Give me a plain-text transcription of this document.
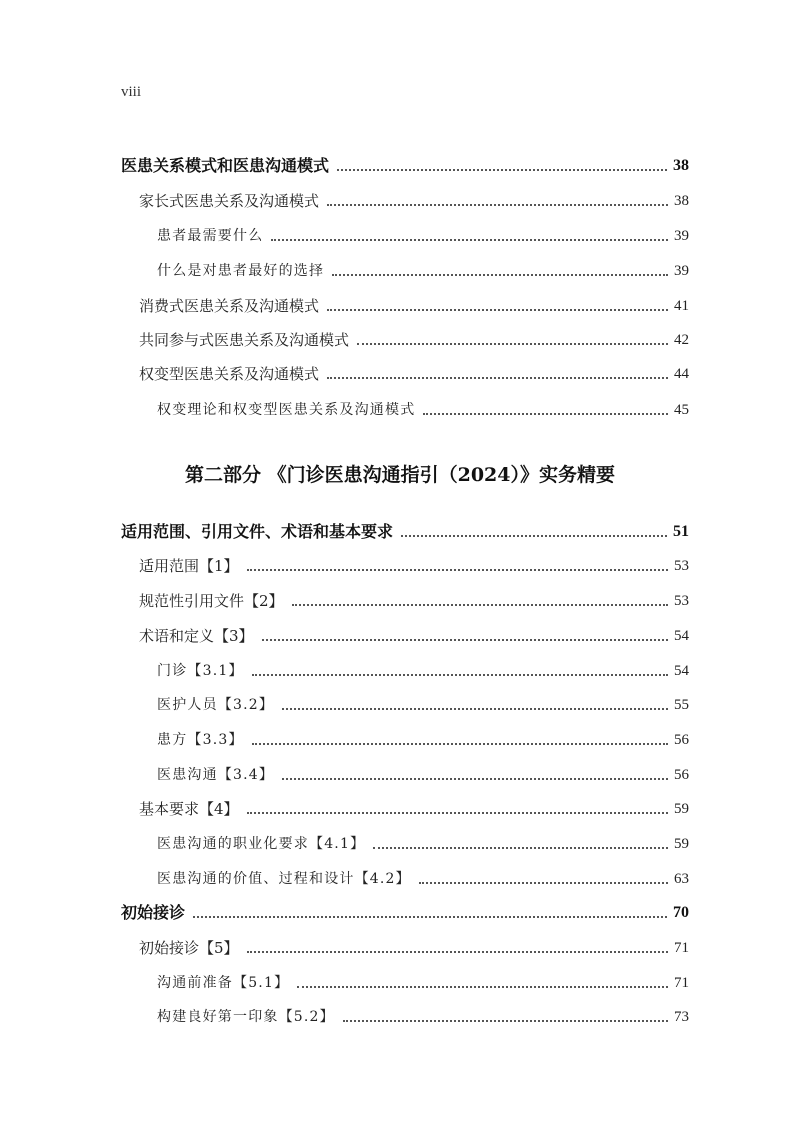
viii
医患关系模式和医患沟通模式	38
家长式医患关系及沟通模式	38
患者最需要什么	39
什么是对患者最好的选择	39
消费式医患关系及沟通模式	41
共同参与式医患关系及沟通模式	42
权变型医患关系及沟通模式	44
权变理论和权变型医患关系及沟通模式	45
第二部分 《门诊医患沟通指引（2024）》实务精要
适用范围、引用文件、术语和基本要求	51
适用范围【1】	53
规范性引用文件【2】	53
术语和定义【3】	54
门诊【3.1】	54
医护人员【3.2】	55
患方【3.3】	56
医患沟通【3.4】	56
基本要求【4】	59
医患沟通的职业化要求【4.1】	59
医患沟通的价值、过程和设计【4.2】	63
初始接诊	70
初始接诊【5】	71
沟通前准备【5.1】	71
构建良好第一印象【5.2】	73
